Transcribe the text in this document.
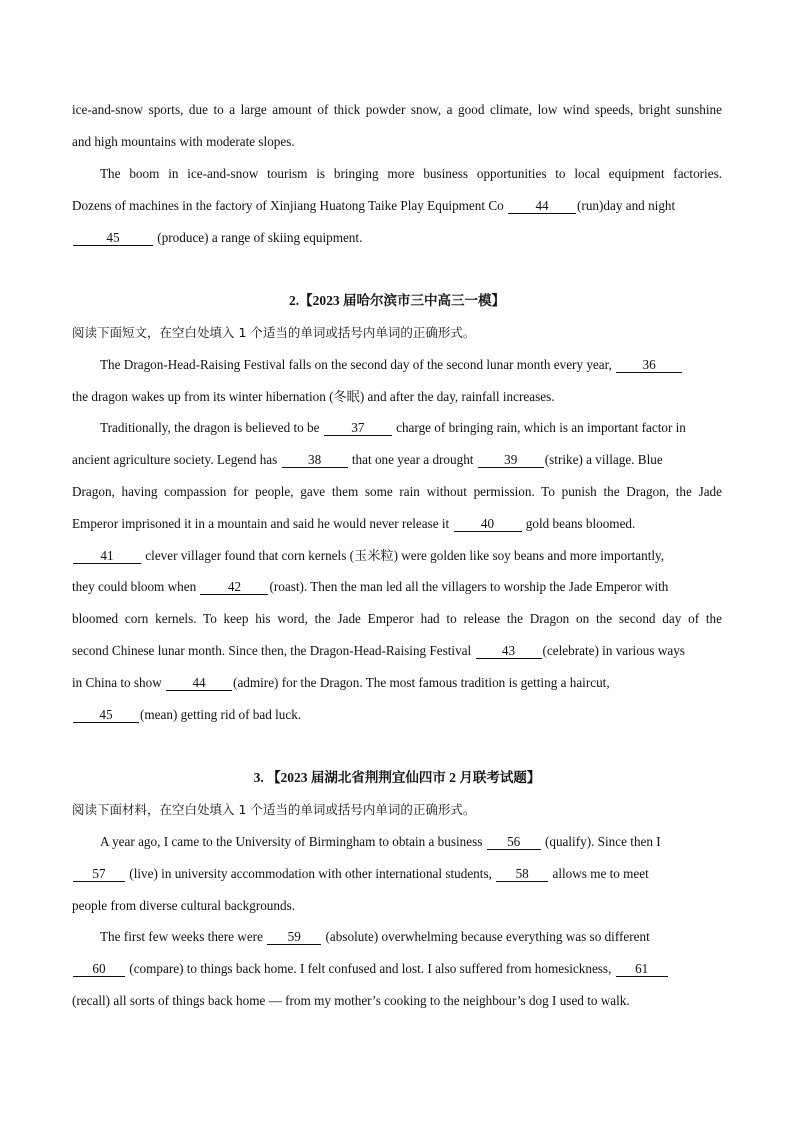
ice-and-snow sports, due to a large amount of thick powder snow, a good climate, low wind speeds, bright sunshine
and high mountains with moderate slopes.
The boom in ice-and-snow tourism is bringing more business opportunities to local equipment factories.
Dozens of machines in the factory of Xinjiang Huatong Taike Play Equipment Co 44 (run)day and night
45	(produce) a range of skiing equipment.
2.【2023 届哈尔滨市三中高三一模】
阅读下面短文，在空白处填入 1 个适当的单词或括号内单词的正确形式。
The Dragon-Head-Raising Festival falls on the second day of the second lunar month every year, 36
the dragon wakes up from its winter hibernation (冬眠) and after the day, rainfall increases.
Traditionally, the dragon is believed to be 37 charge of bringing rain, which is an important factor in
ancient agriculture society. Legend has 38 that one year a drought 39 (strike) a village. Blue
Dragon, having compassion for people, gave them some rain without permission. To punish the Dragon, the Jade
Emperor imprisoned it in a mountain and said he would never release it 40 gold beans bloomed.
41 clever villager found that corn kernels (玉米粒) were golden like soy beans and more importantly,
they could bloom when 42 (roast). Then the man led all the villagers to worship the Jade Emperor with
bloomed corn kernels. To keep his word, the Jade Emperor had to release the Dragon on the second day of the
second Chinese lunar month. Since then, the Dragon-Head-Raising Festival 43 (celebrate) in various ways
in China to show 44 (admire) for the Dragon. The most famous tradition is getting a haircut,
45 (mean) getting rid of bad luck.
3. 【2023 届湖北省荆荆宜仙四市 2 月联考试题】
阅读下面材料，在空白处填入 1 个适当的单词或括号内单词的正确形式。
A year ago, I came to the University of Birmingham to obtain a business 56 (qualify). Since then I
57 (live) in university accommodation with other international students, 58 allows me to meet
people from diverse cultural backgrounds.
The first few weeks there were 59 (absolute) overwhelming because everything was so different
60 (compare) to things back home. I felt confused and lost. I also suffered from homesickness, 61
(recall) all sorts of things back home — from my mother’s cooking to the neighbour’s dog I used to walk.
